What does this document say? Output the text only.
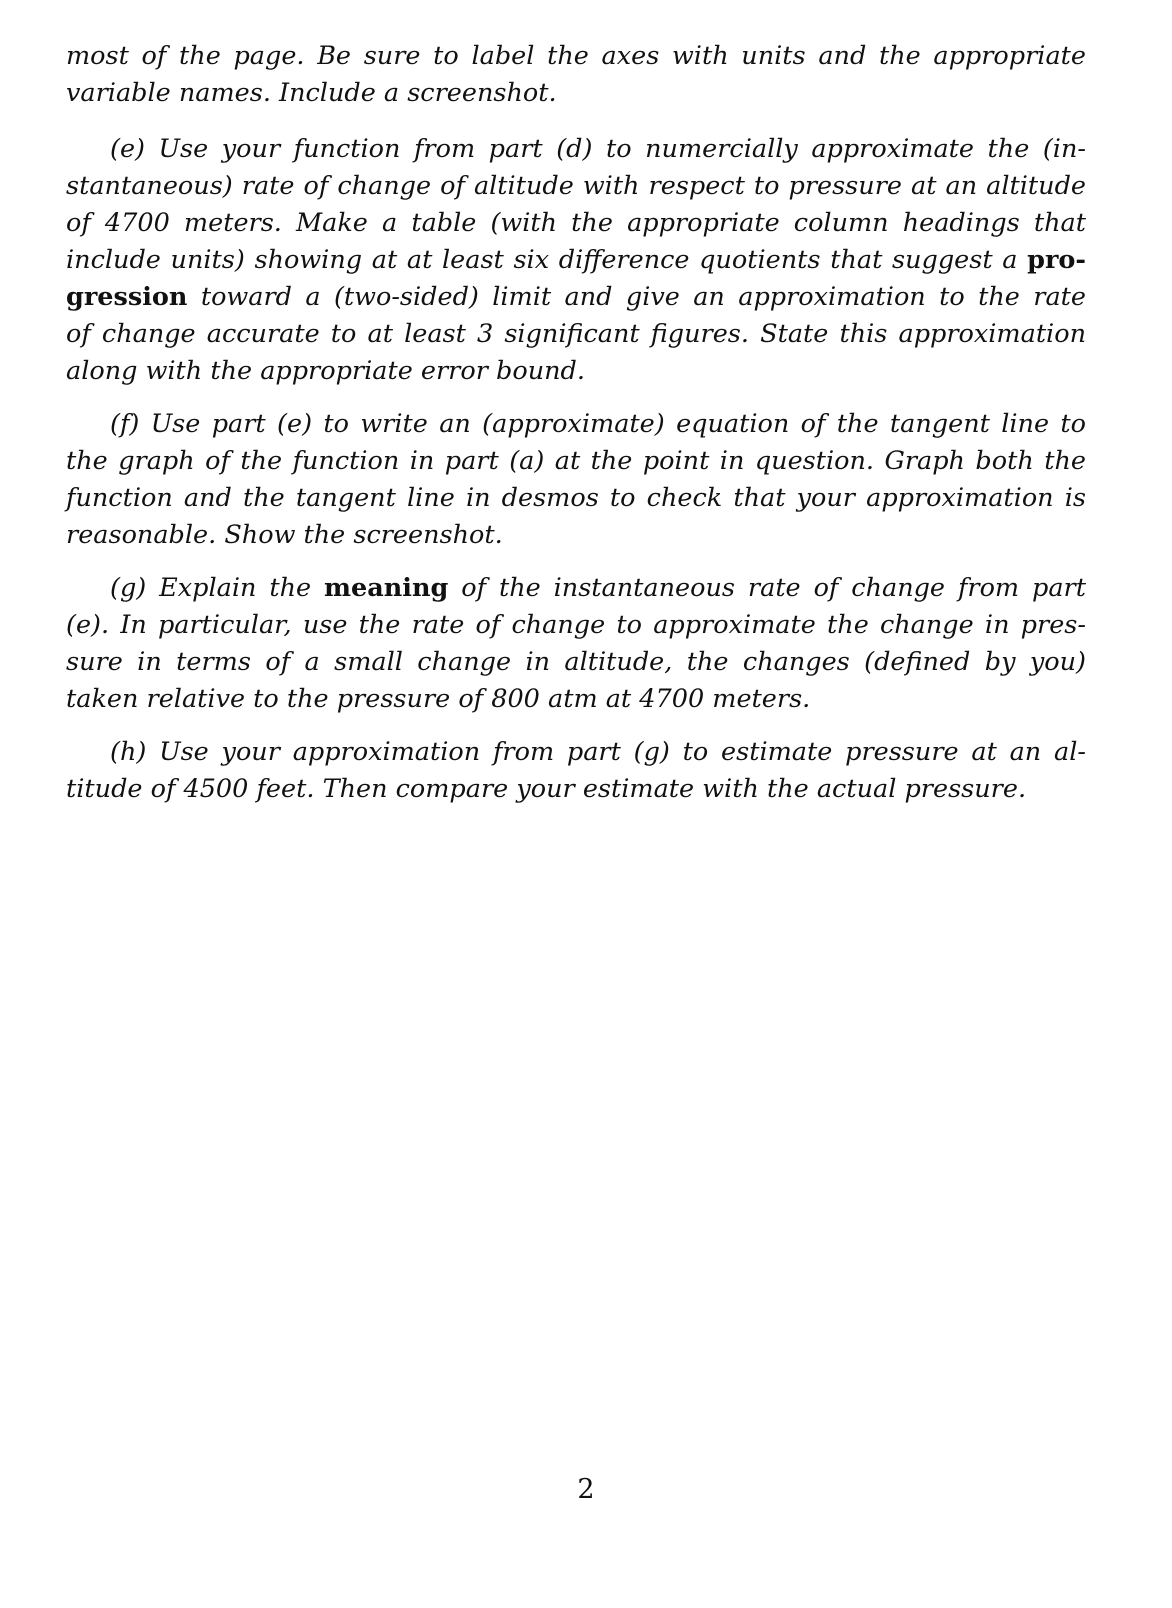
most of the page. Be sure to label the axes with units and the appropriate
variable names. Include a screenshot.
(e) Use your function from part (d) to numercially approximate the (in-
stantaneous) rate of change of altitude with respect to pressure at an altitude
of 4700 meters. Make a table (with the appropriate column headings that
include units) showing at at least six difference quotients that suggest a pro-
gression toward a (two-sided) limit and give an approximation to the rate
of change accurate to at least 3 significant figures. State this approximation
along with the appropriate error bound.
(f) Use part (e) to write an (approximate) equation of the tangent line to
the graph of the function in part (a) at the point in question. Graph both the
function and the tangent line in desmos to check that your approximation is
reasonable. Show the screenshot.
(g) Explain the meaning of the instantaneous rate of change from part
(e). In particular, use the rate of change to approximate the change in pres-
sure in terms of a small change in altitude, the changes (defined by you)
taken relative to the pressure of 800 atm at 4700 meters.
(h) Use your approximation from part (g) to estimate pressure at an al-
titude of 4500 feet. Then compare your estimate with the actual pressure.
2
